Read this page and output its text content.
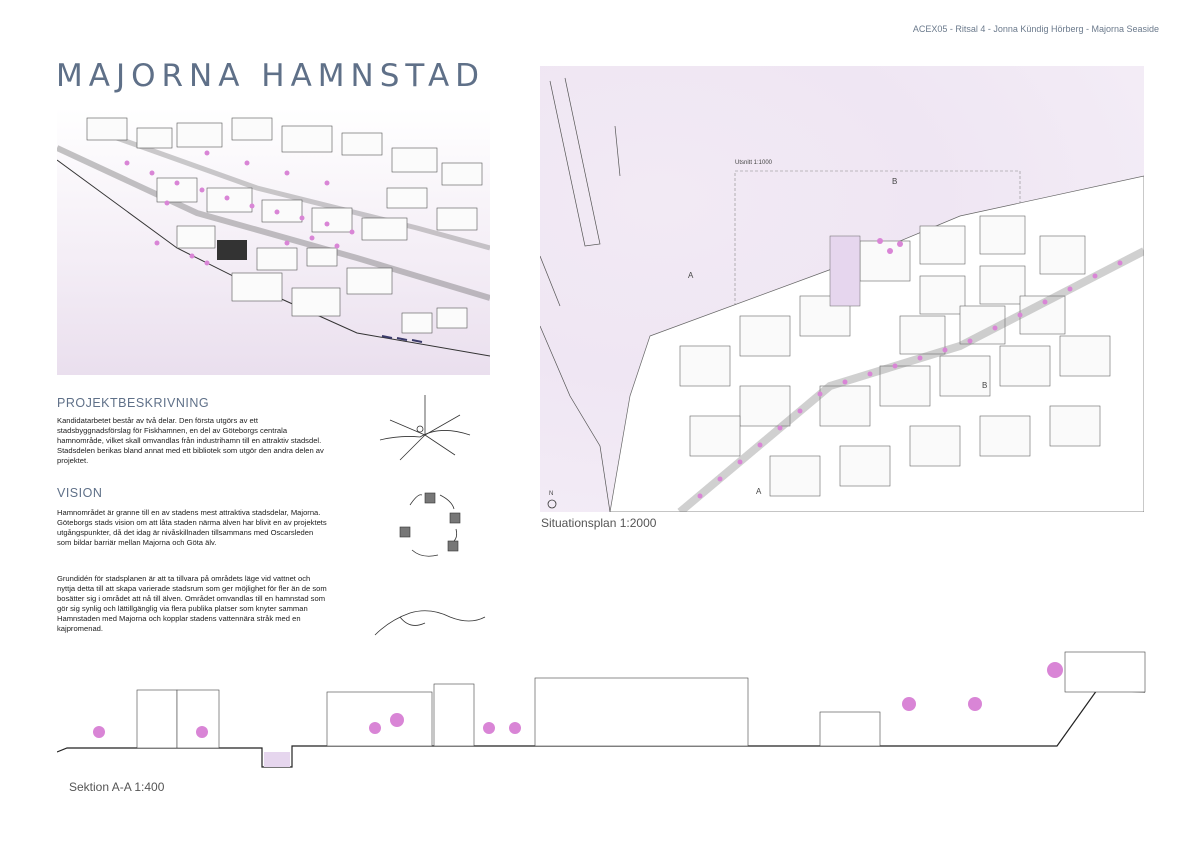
ACEX05 - Ritsal 4 - Jonna Kündig Hörberg - Majorna Seaside
MAJORNA HAMNSTAD
Utsnitt 1:1000
A
A
B
B
N
Situationsplan 1:2000
PROJEKTBESKRIVNING
Kandidatarbetet består av två delar. Den första utgörs av ett stadsbyggnadsförslag för Fiskhamnen, en del av Göteborgs centrala hamnområde, vilket skall omvandlas från industrihamn till en attraktiv stadsdel. Stadsdelen berikas bland annat med ett bibliotek som utgör den andra delen av projektet.
VISION
Hamnområdet är granne till en av stadens mest attraktiva stadsdelar, Majorna. Göteborgs stads vision om att låta staden närma älven har blivit en av projektets utgångspunkter, då det idag är nivåskillnaden tillsammans med Oscarsleden som bildar barriär mellan Majorna och Göta älv.
Grundidén för stadsplanen är att ta tillvara på områdets läge vid vattnet och nyttja detta till att skapa varierade stadsrum som ger möjlighet för fler än de som bosätter sig i området att nå till älven. Området omvandlas till en hamnstad som gör sig synlig och lättillgänglig via flera publika platser som knyter samman Hamnstaden med Majorna och kopplar stadens vattennära stråk med en kajpromenad.
Sektion A-A 1:400
